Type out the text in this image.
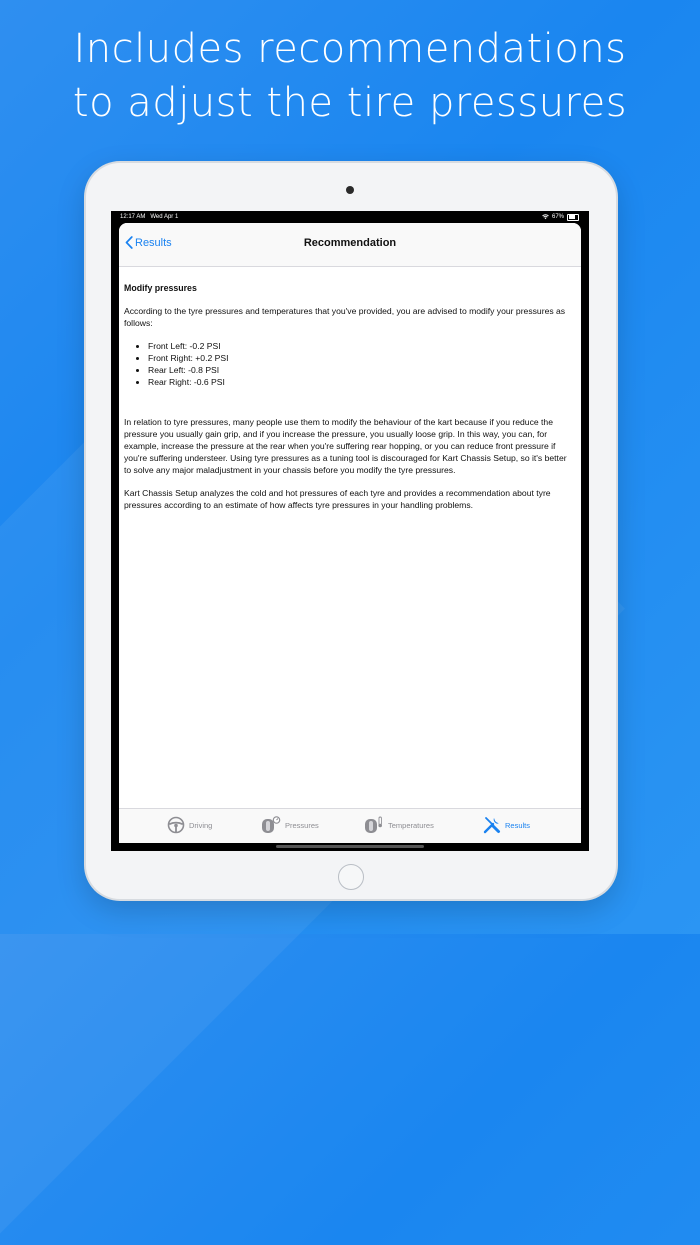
Includes recommendations
to adjust the tire pressures
12:17 AM Wed Apr 1	67%
Results	Recommendation
Modify pressures

According to the tyre pressures and temperatures that you've provided, you are advised to modify your pressures as follows:

• Front Left: -0.2 PSI
• Front Right: +0.2 PSI
• Rear Left: -0.8 PSI
• Rear Right: -0.6 PSI

In relation to tyre pressures, many people use them to modify the behaviour of the kart because if you reduce the pressure you usually gain grip, and if you increase the pressure, you usually loose grip. In this way, you can, for example, increase the pressure at the rear when you're suffering rear hopping, or you can reduce front pressure if you're suffering understeer. Using tyre pressures as a tuning tool is discouraged for Kart Chassis Setup, so it's better to solve any major maladjustment in your chassis before you modify the tyre pressures.

Kart Chassis Setup analyzes the cold and hot pressures of each tyre and provides a recommendation about tyre pressures according to an estimate of how affects tyre pressures in your handling problems.

Driving	Pressures	Temperatures	Results
